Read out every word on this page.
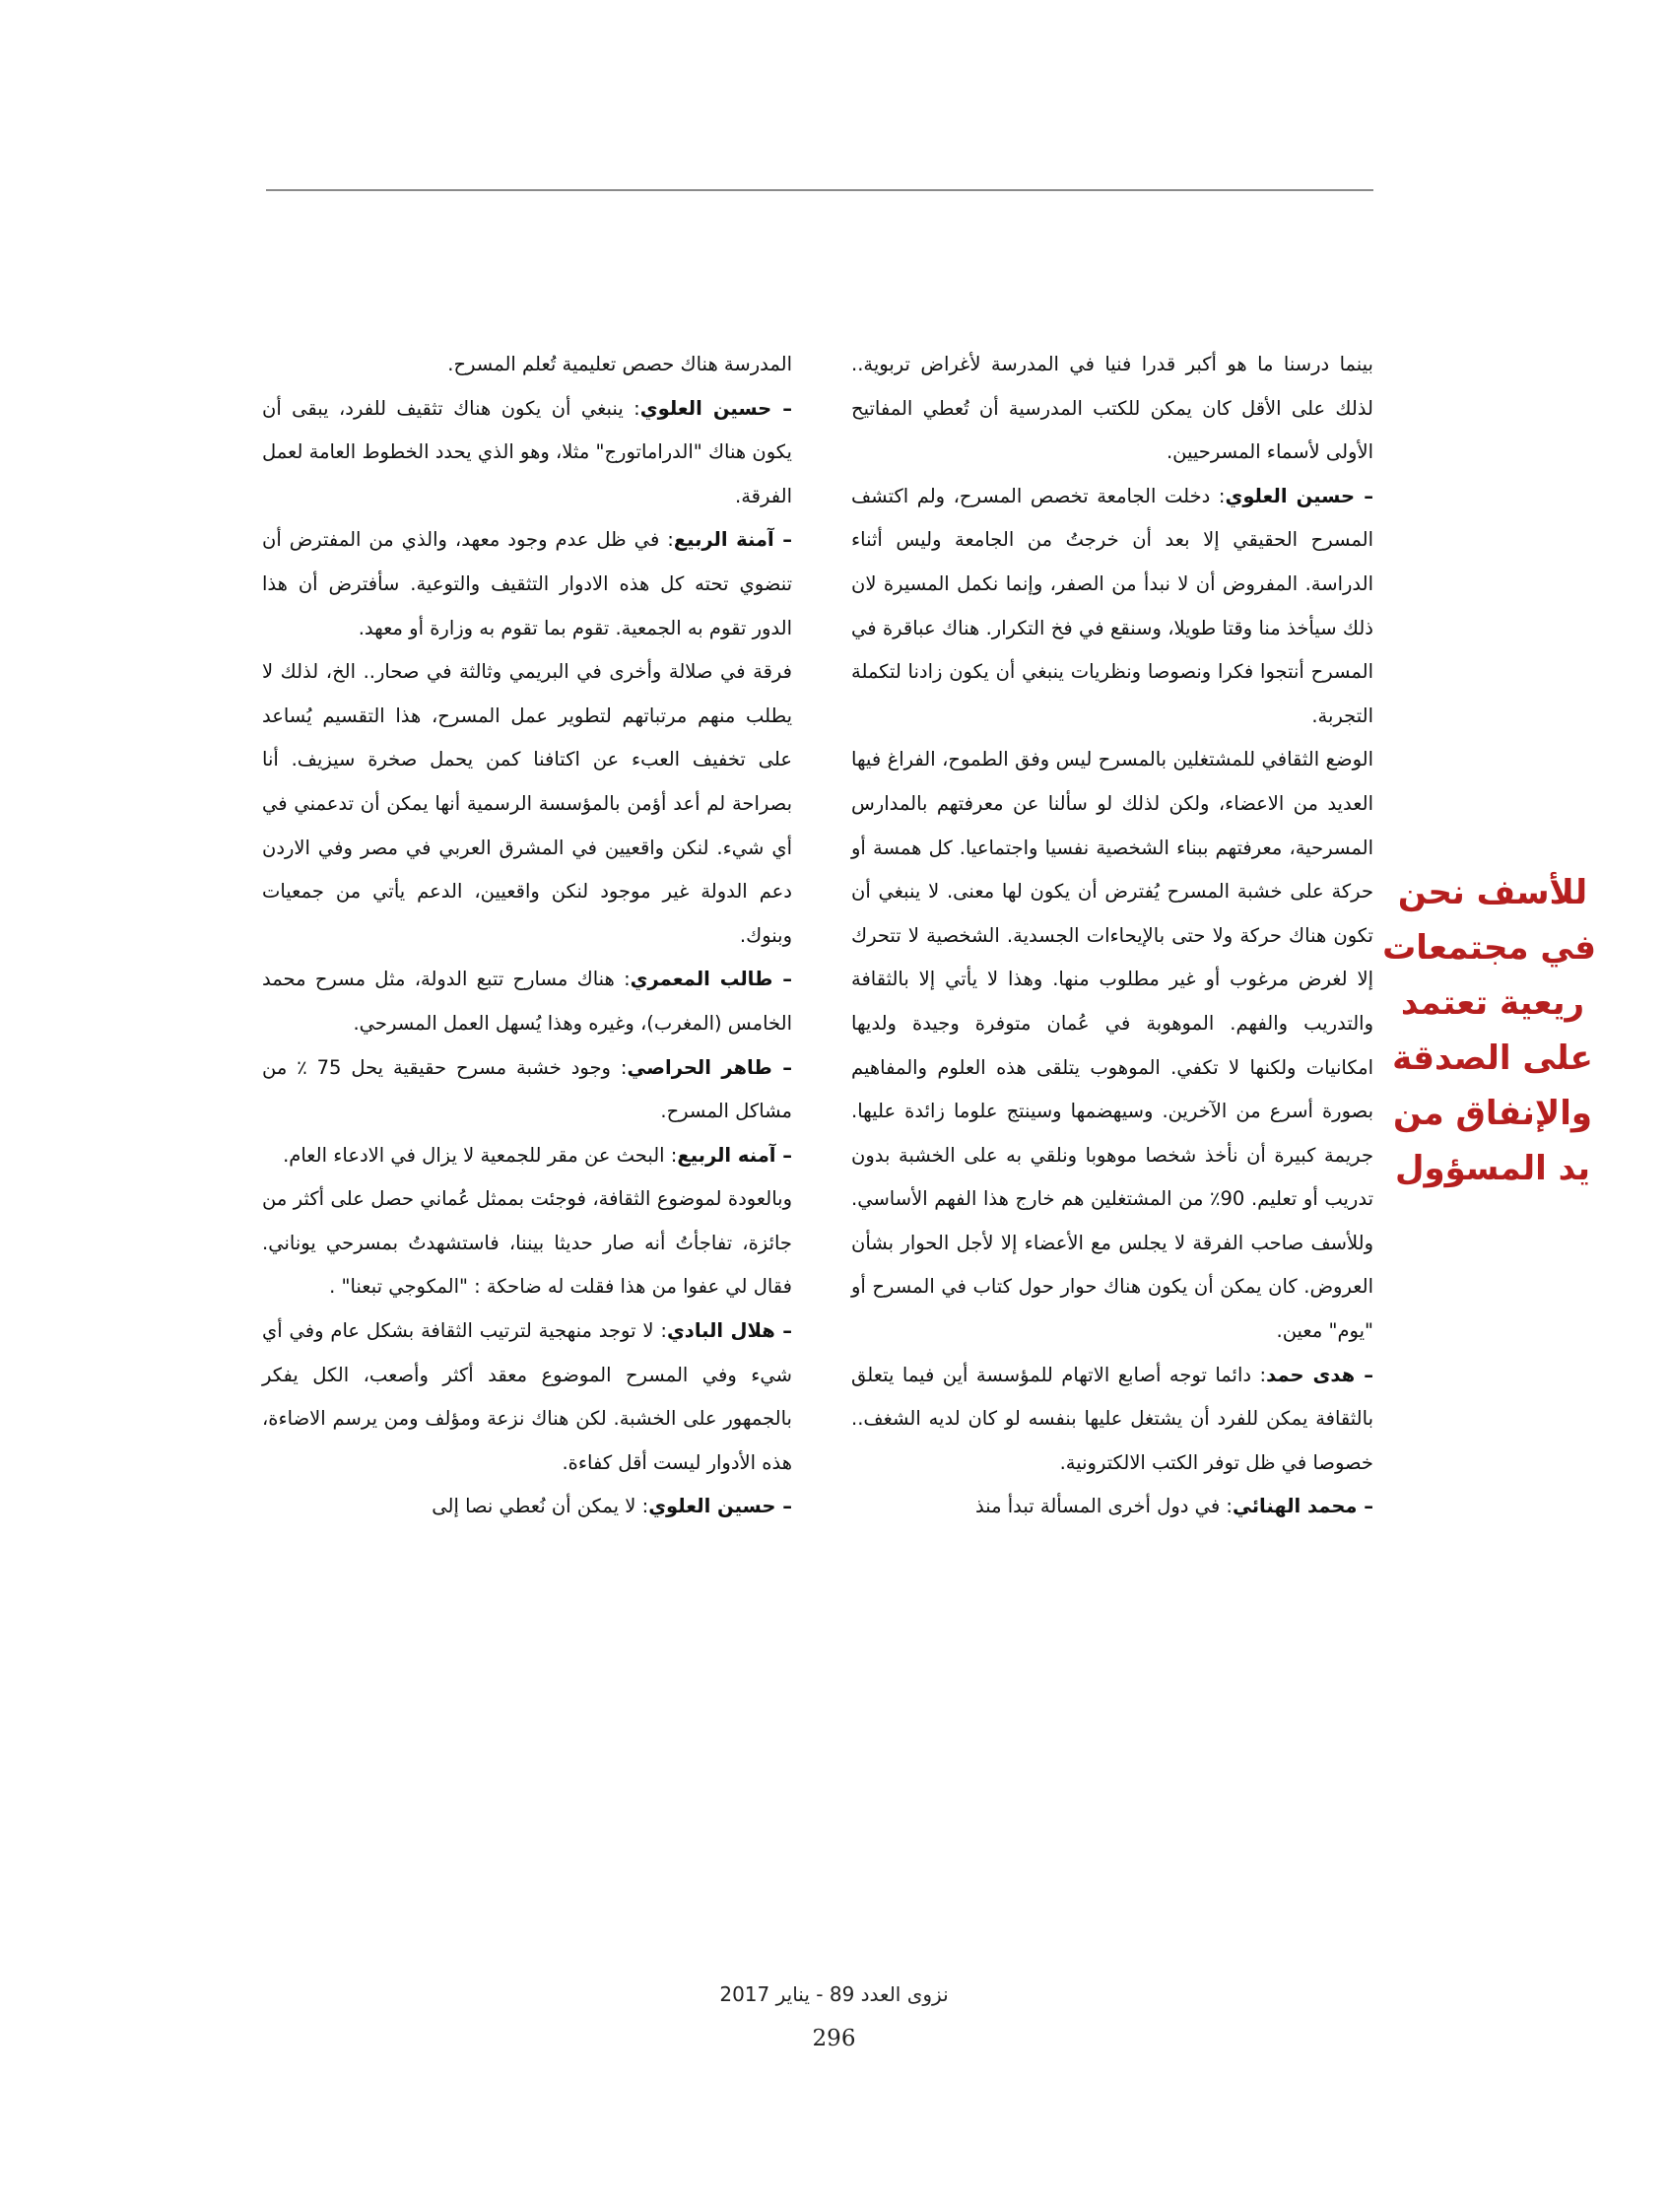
بينما درسنا ما هو أكبر قدرا فنيا في المدرسة لأغراض تربوية.. لذلك على الأقل كان يمكن للكتب المدرسية أن تُعطي المفاتيح الأولى لأسماء المسرحيين.

– حسين العلوي: دخلت الجامعة تخصص المسرح، ولم اكتشف المسرح الحقيقي إلا بعد أن خرجتُ من الجامعة وليس أثناء الدراسة. المفروض أن لا نبدأ من الصفر، وإنما نكمل المسيرة لان ذلك سيأخذ منا وقتا طويلا، وسنقع في فخ التكرار. هناك عباقرة في المسرح أنتجوا فكرا ونصوصا ونظريات ينبغي أن يكون زادنا لتكملة التجربة.

الوضع الثقافي للمشتغلين بالمسرح ليس وفق الطموح، الفراغ فيها العديد من الاعضاء، ولكن لذلك لو سألنا عن معرفتهم بالمدارس المسرحية، معرفتهم ببناء الشخصية نفسيا واجتماعيا. كل همسة أو حركة على خشبة المسرح يُفترض أن يكون لها معنى. لا ينبغي أن تكون هناك حركة ولا حتى بالإيحاءات الجسدية. الشخصية لا تتحرك إلا لغرض مرغوب أو غير مطلوب منها. وهذا لا يأتي إلا بالثقافة والتدريب والفهم. الموهوبة في عُمان متوفرة وجيدة ولديها امكانيات ولكنها لا تكفي. الموهوب يتلقى هذه العلوم والمفاهيم بصورة أسرع من الآخرين. وسيهضمها وسينتج علوما زائدة عليها. جريمة كبيرة أن نأخذ شخصا موهوبا ونلقي به على الخشبة بدون تدريب أو تعليم. 90٪ من المشتغلين هم خارج هذا الفهم الأساسي. وللأسف صاحب الفرقة لا يجلس مع الأعضاء إلا لأجل الحوار بشأن العروض. كان يمكن أن يكون هناك حوار حول كتاب في المسرح أو "يوم" معين.

– هدى حمد: دائما توجه أصابع الاتهام للمؤسسة أين فيما يتعلق بالثقافة يمكن للفرد أن يشتغل عليها بنفسه لو كان لديه الشغف.. خصوصا في ظل توفر الكتب الالكترونية.

– محمد الهنائي: في دول أخرى المسألة تبدأ منذ

المدرسة هناك حصص تعليمية تُعلم المسرح.

– حسين العلوي: ينبغي أن يكون هناك تثقيف للفرد، يبقى أن يكون هناك "الدراماتورج" مثلا، وهو الذي يحدد الخطوط العامة لعمل الفرقة.

– آمنة الربيع: في ظل عدم وجود معهد، والذي من المفترض أن تنضوي تحته كل هذه الادوار التثقيف والتوعية. سأفترض أن هذا الدور تقوم به الجمعية. تقوم بما تقوم به وزارة أو معهد.

فرقة في صلالة وأخرى في البريمي وثالثة في صحار.. الخ، لذلك لا يطلب منهم مرتباتهم لتطوير عمل المسرح، هذا التقسيم يُساعد على تخفيف العبء عن اكتافنا كمن يحمل صخرة سيزيف. أنا بصراحة لم أعد أؤمن بالمؤسسة الرسمية أنها يمكن أن تدعمني في أي شيء. لنكن واقعيين في المشرق العربي في مصر وفي الاردن دعم الدولة غير موجود لنكن واقعيين، الدعم يأتي من جمعيات وبنوك.

– طالب المعمري: هناك مسارح تتبع الدولة، مثل مسرح محمد الخامس (المغرب)، وغيره وهذا يُسهل العمل المسرحي.

– طاهر الحراصي: وجود خشبة مسرح حقيقية يحل 75 ٪ من مشاكل المسرح.

– آمنه الربيع: البحث عن مقر للجمعية لا يزال في الادعاء العام.

وبالعودة لموضوع الثقافة، فوجئت بممثل عُماني حصل على أكثر من جائزة، تفاجأتُ أنه صار حديثا بيننا، فاستشهدتُ بمسرحي يوناني. فقال لي عفوا من هذا فقلت له ضاحكة : "المكوجي تبعنا" .

– هلال البادي: لا توجد منهجية لترتيب الثقافة بشكل عام وفي أي شيء وفي المسرح الموضوع معقد أكثر وأصعب، الكل يفكر بالجمهور على الخشبة. لكن هناك نزعة ومؤلف ومن يرسم الاضاءة، هذه الأدوار ليست أقل كفاءة.

– حسين العلوي: لا يمكن أن نُعطي نصا إلى

للأسف نحن
في مجتمعات
ريعية تعتمد
على الصدقة
والإنفاق من
يد المسؤول
نزوى العدد 89 - يناير 2017
296
